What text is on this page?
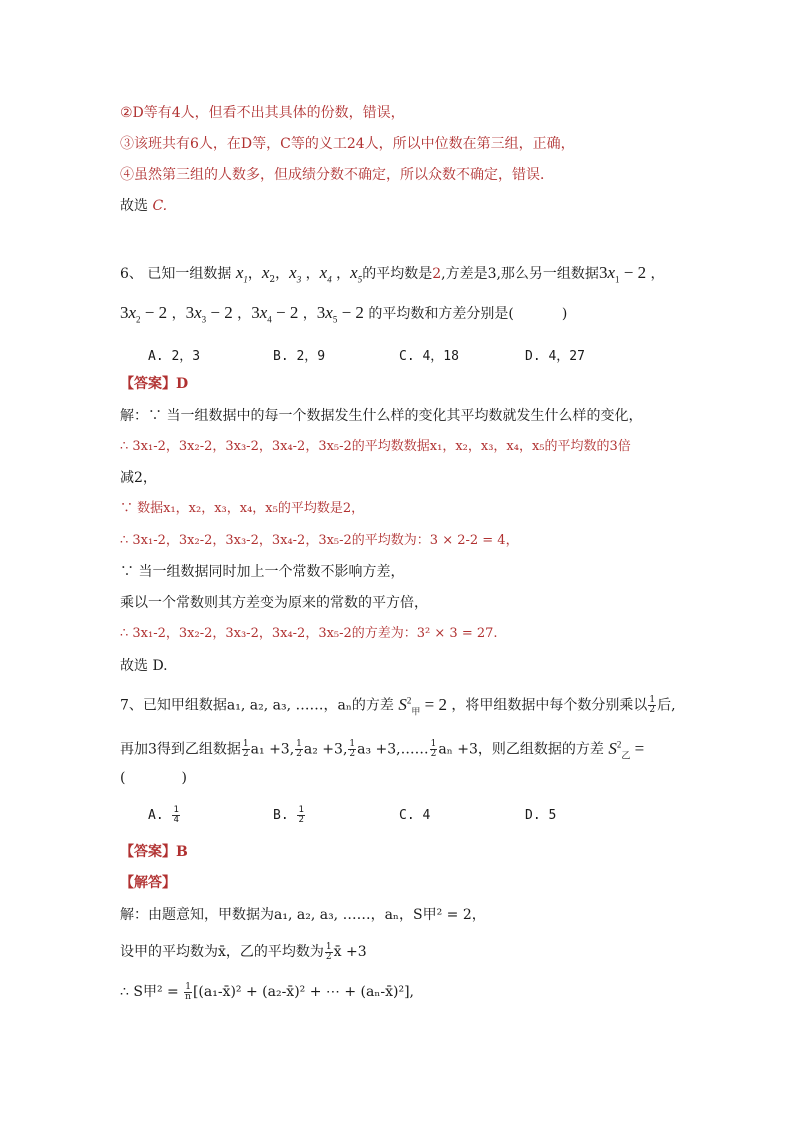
②D等有4人，但看不出其具体的份数，错误，
③该班共有6人，在D等，C等的义工24人，所以中位数在第三组，正确，
④虽然第三组的人数多，但成绩分数不确定，所以众数不确定，错误．
故选 C.
6、 已知一组数据 $x_1$，$x_2$，$x_3$ ，$x_4$ ，$x_5$的平均数是2,方差是3,那么另一组数据$3x_1 - 2$ ，
$3x_2 - 2$ ，$3x_3 - 2$ ，$3x_4 - 2$ ，$3x_5 - 2$ 的平均数和方差分别是(	)
A. 2，3	B. 2，9	C. 4，18	D. 4，27
【答案】D
解：∵ 当一组数据中的每一个数据发生什么样的变化其平均数就发生什么样的变化，
∴ 3x₁-2，3x₂-2，3x₃-2，3x₄-2，3x₅-2的平均数数据x₁，x₂，x₃，x₄，x₅的平均数的3倍
减2，
∵ 数据x₁，x₂，x₃，x₄，x₅的平均数是2，
∴ 3x₁-2，3x₂-2，3x₃-2，3x₄-2，3x₅-2的平均数为：3 × 2-2 = 4，
∵ 当一组数据同时加上一个常数不影响方差，
乘以一个常数则其方差变为原来的常数的平方倍，
∴ 3x₁-2，3x₂-2，3x₃-2，3x₄-2，3x₅-2的方差为：3² × 3 = 27.
故选 D.
7、已知甲组数据a₁, a₂, a₃, ……，aₙ的方差 $S^2_甲 = 2$ ，将甲组数据中每个数分别乘以 $\frac{1}{2}$ 后,
再加3得到乙组数据 $\frac{1}{2} a_1 +3$, $\frac{1}{2} a_2 +3$, $\frac{1}{2} a_3$ +3,…… $\frac{1}{2}$ aₙ +3，则乙组数据的方差 $S^2_乙$ =
(　　　　)
A. $\frac{1}{4}$	B. $\frac{1}{2}$	C. 4	D. 5
【答案】B
【解答】
解：由题意知，甲数据为a₁, a₂, a₃, ……，aₙ，S甲² = 2，
设甲的平均数为x̄，乙的平均数为 $\frac{1}{2}$ x̄ +3
∴ S甲$^2 = \frac{1}{n}$ [(a₁-x̄)² + (a₂-x̄)² + ⋯ + (aₙ-x̄)²],
